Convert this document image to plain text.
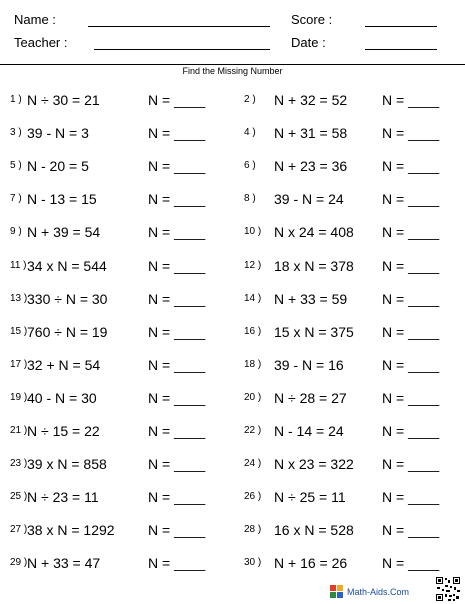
Name :	Score :
Teacher :	Date :
Find the Missing Number
1 ) N ÷ 30 = 21	N = ____	2 ) N + 32 = 52 N = ____
3 ) 39 - N = 3	N = ____	4 ) N + 31 = 58 N = ____
5 ) N - 20 = 5	N = ____	6 ) N + 23 = 36 N = ____
7 ) N - 13 = 15	N = ____	8 ) 39 - N = 24	N = ____
9 ) N + 39 = 54	N = ____	10 ) N x 24 = 408 N = ____
11 ) 34 x N = 544	N = ____	12 ) 18 x N = 378 N = ____
13 ) 330 ÷ N = 30	N = ____	14 ) N + 33 = 59 N = ____
15 ) 760 ÷ N = 19	N = ____	16 ) 15 x N = 375 N = ____
17 ) 32 + N = 54	N = ____	18 ) 39 - N = 16	N = ____
19 ) 40 - N = 30	N = ____	20 ) N ÷ 28 = 27	N = ____
21 ) N ÷ 15 = 22	N = ____	22 ) N - 14 = 24	N = ____
23 ) 39 x N = 858	N = ____	24 ) N x 23 = 322 N = ____
25 ) N ÷ 23 = 11	N = ____	26 ) N ÷ 25 = 11	N = ____
27 ) 38 x N = 1292 N = ____	28 ) 16 x N = 528 N = ____
29 ) N + 33 = 47	N = ____	30 ) N + 16 = 26 N = ____
Math-Aids.Com
